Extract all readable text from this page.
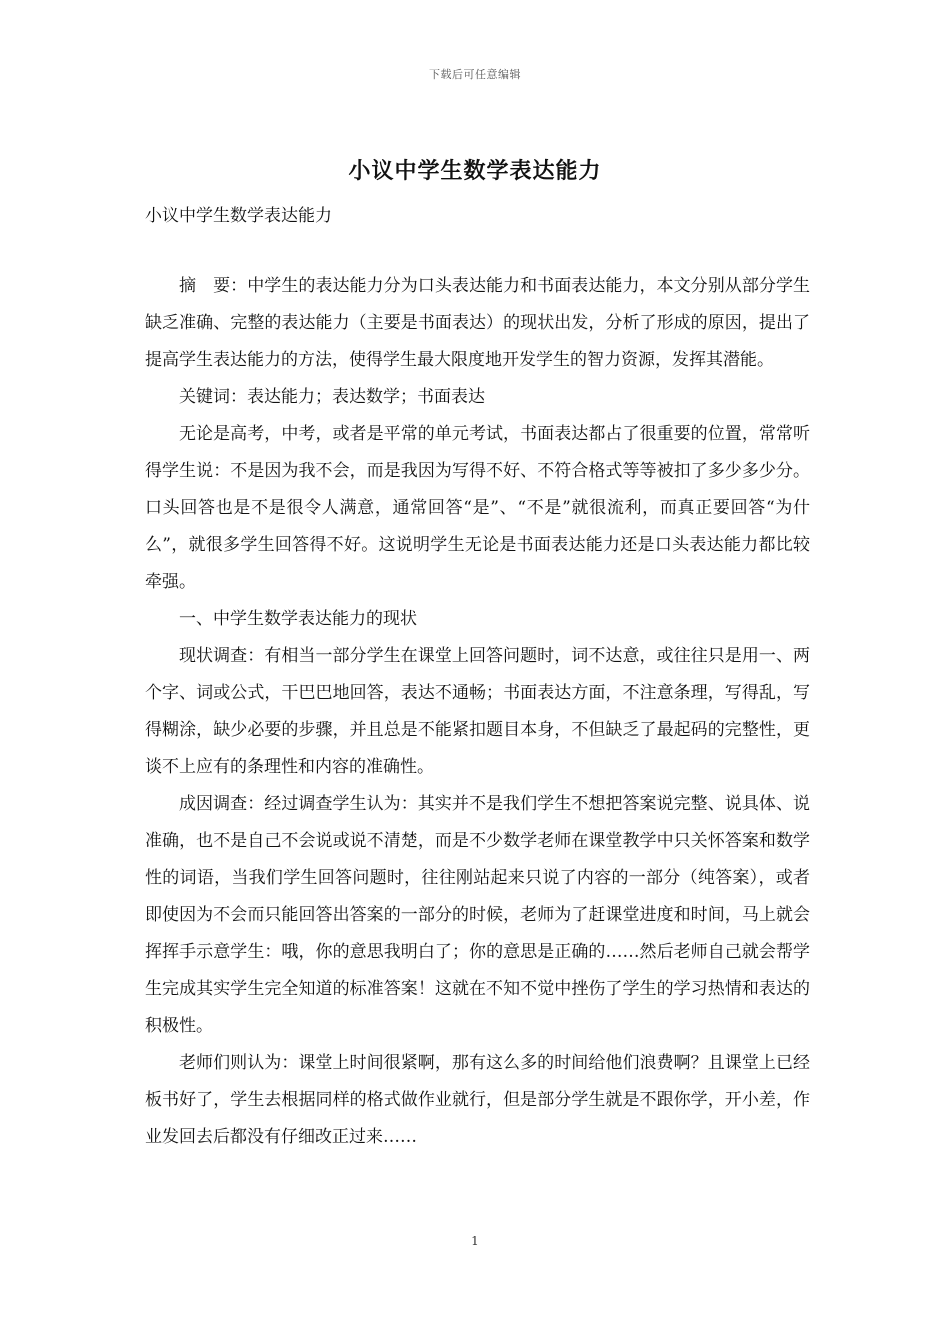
下载后可任意编辑
小议中学生数学表达能力
小议中学生数学表达能力

摘　要：中学生的表达能力分为口头表达能力和书面表达能力，本文分别从部分学生缺乏准确、完整的表达能力（主要是书面表达）的现状出发，分析了形成的原因，提出了提高学生表达能力的方法，使得学生最大限度地开发学生的智力资源，发挥其潜能。

关键词：表达能力；表达数学；书面表达

无论是高考，中考，或者是平常的单元考试，书面表达都占了很重要的位置，常常听得学生说：不是因为我不会，而是我因为写得不好、不符合格式等等被扣了多少多少分。口头回答也是不是很令人满意，通常回答“是”、“不是”就很流利，而真正要回答“为什么”，就很多学生回答得不好。这说明学生无论是书面表达能力还是口头表达能力都比较牵强。

一、中学生数学表达能力的现状

现状调查：有相当一部分学生在课堂上回答问题时，词不达意，或往往只是用一、两个字、词或公式，干巴巴地回答，表达不通畅；书面表达方面，不注意条理，写得乱，写得糊涂，缺少必要的步骤，并且总是不能紧扣题目本身，不但缺乏了最起码的完整性，更谈不上应有的条理性和内容的准确性。

成因调查：经过调查学生认为：其实并不是我们学生不想把答案说完整、说具体、说准确，也不是自己不会说或说不清楚，而是不少数学老师在课堂教学中只关怀答案和数学性的词语，当我们学生回答问题时，往往刚站起来只说了内容的一部分（纯答案），或者即使因为不会而只能回答出答案的一部分的时候，老师为了赶课堂进度和时间，马上就会挥挥手示意学生：哦，你的意思我明白了；你的意思是正确的……然后老师自己就会帮学生完成其实学生完全知道的标准答案！这就在不知不觉中挫伤了学生的学习热情和表达的积极性。

老师们则认为：课堂上时间很紧啊，那有这么多的时间给他们浪费啊？且课堂上已经板书好了，学生去根据同样的格式做作业就行，但是部分学生就是不跟你学，开小差，作业发回去后都没有仔细改正过来……

1
